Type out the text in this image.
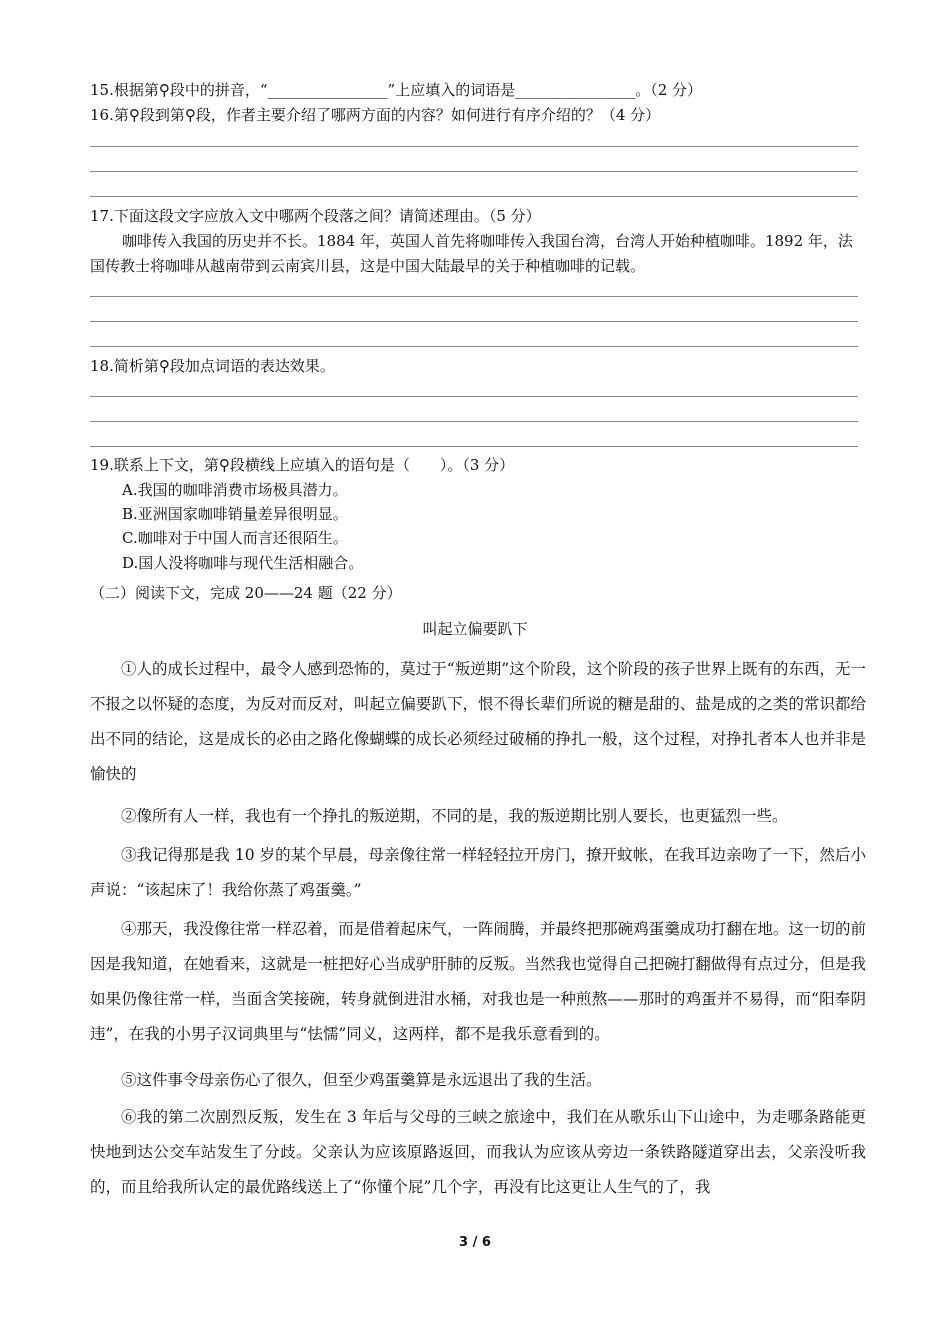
15.根据第⚲段中的拼音，“________________”上应填入的词语是________________。（2 分）
16.第⚲段到第⚲段，作者主要介绍了哪两方面的内容？如何进行有序介绍的？（4 分）
17.下面这段文字应放入文中哪两个段落之间？请简述理由。（5 分）
咖啡传入我国的历史并不长。1884 年，英国人首先将咖啡传入我国台湾，台湾人开始种植咖啡。1892 年，法国传教士将咖啡从越南带到云南宾川县，这是中国大陆最早的关于种植咖啡的记载。
18.简析第⚲段加点词语的表达效果。
19.联系上下文，第⚲段横线上应填入的语句是（　　）。（3 分）
A.我国的咖啡消费市场极具潜力。
B.亚洲国家咖啡销量差异很明显。
C.咖啡对于中国人而言还很陌生。
D.国人没将咖啡与现代生活相融合。
（二）阅读下文，完成 20——24 题（22 分）
叫起立偏要趴下
①人的成长过程中，最令人感到恐怖的，莫过于“叛逆期”这个阶段，这个阶段的孩子世界上既有的东西，无一不报之以怀疑的态度，为反对而反对，叫起立偏要趴下，恨不得长辈们所说的糖是甜的、盐是成的之类的常识都给出不同的结论，这是成长的必由之路化像蝴蝶的成长必须经过破桶的挣扎一般，这个过程，对挣扎者本人也并非是愉快的
②像所有人一样，我也有一个挣扎的叛逆期，不同的是，我的叛逆期比别人要长，也更猛烈一些。
③我记得那是我 10 岁的某个早晨，母亲像往常一样轻轻拉开房门，撩开蚊帐，在我耳边亲吻了一下，然后小声说：“该起床了！我给你蒸了鸡蛋羹。”
④那天，我没像往常一样忍着，而是借着起床气，一阵闹腾，并最终把那碗鸡蛋羹成功打翻在地。这一切的前因是我知道，在她看来，这就是一桩把好心当成驴肝肺的反叛。当然我也觉得自己把碗打翻做得有点过分，但是我如果仍像往常一样，当面含笑接碗，转身就倒进泔水桶，对我也是一种煎熬——那时的鸡蛋并不易得，而“阳奉阴违”，在我的小男子汉词典里与“怯懦”同义，这两样，都不是我乐意看到的。
⑤这件事令母亲伤心了很久，但至少鸡蛋羹算是永远退出了我的生活。
⑥我的第二次剧烈反叛，发生在 3 年后与父母的三峡之旅途中，我们在从歌乐山下山途中，为走哪条路能更快地到达公交车站发生了分歧。父亲认为应该原路返回，而我认为应该从旁边一条铁路隧道穿出去，父亲没听我的，而且给我所认定的最优路线送上了“你懂个屁”几个字，再没有比这更让人生气的了，我
3 / 6
